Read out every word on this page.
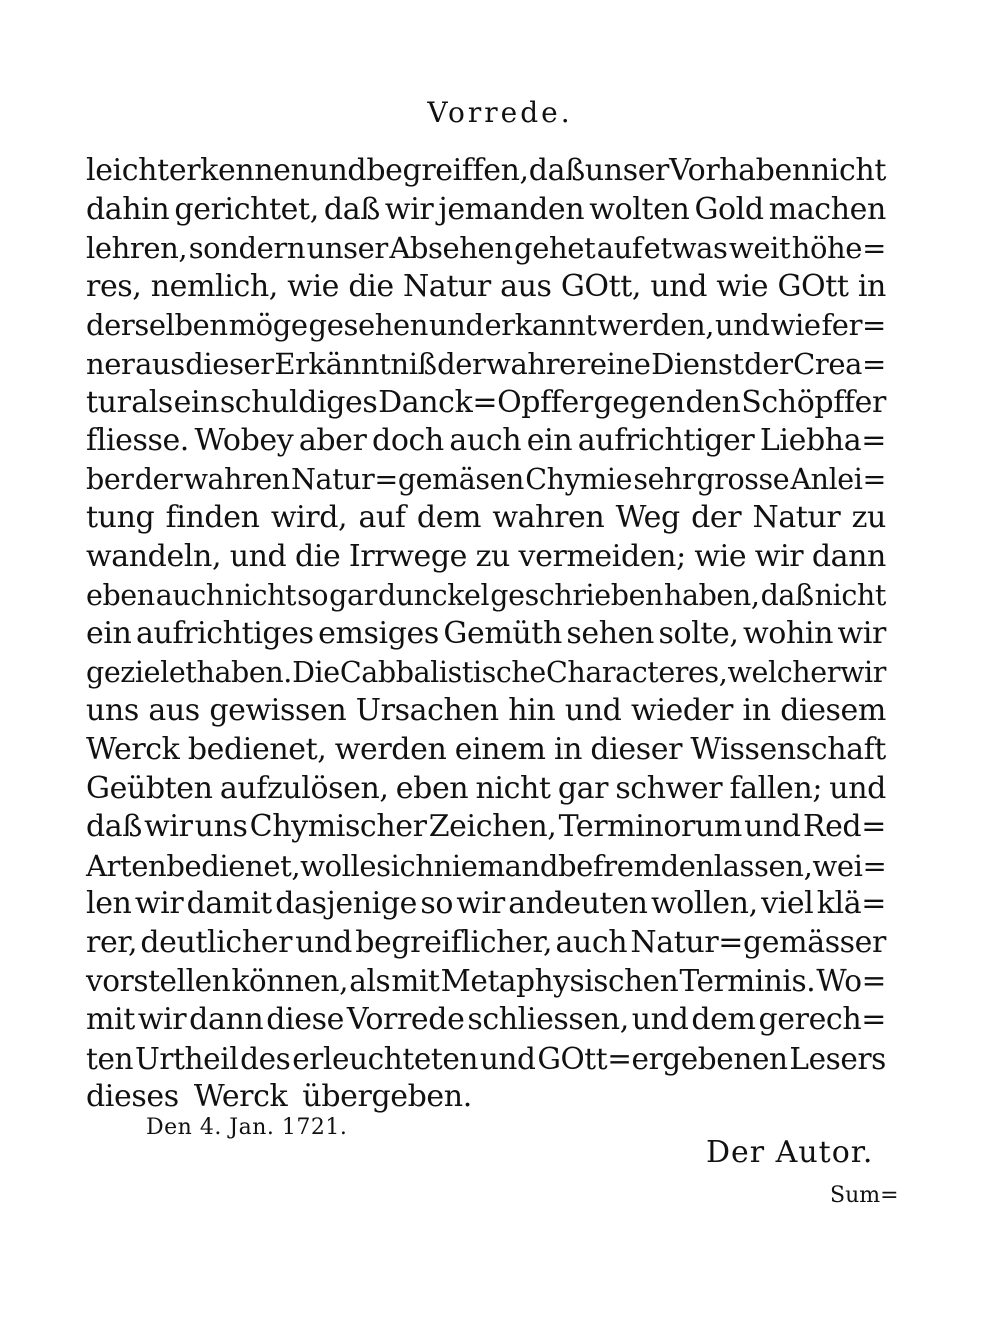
Vorrede.
leicht erkennen und begreiffen, daß unser Vorhaben nicht
dahin gerichtet, daß wir jemanden wolten Gold machen
lehren, sondern unser Absehen gehet auf etwas weit höhe=
res, nemlich, wie die Natur aus GOtt, und wie GOtt in
derselben möge gesehen und erkannt werden, und wie fer=
ner aus dieser Erkänntniß der wahre reine Dienst der Crea=
tur als ein schuldiges Danck=Opffer gegen den Schöpffer
fliesse. Wobey aber doch auch ein aufrichtiger Liebha=
ber der wahren Natur=gemäsen Chymie sehr grosse Anlei=
tung finden wird, auf dem wahren Weg der Natur zu
wandeln, und die Irrwege zu vermeiden; wie wir dann
eben auch nicht so gar dunckel geschrieben haben, daß nicht
ein aufrichtiges emsiges Gemüth sehen solte, wohin wir
gezielet haben. Die Cabbalistische Characteres, welcher wir
uns aus gewissen Ursachen hin und wieder in diesem
Werck bedienet, werden einem in dieser Wissenschaft
Geübten aufzulösen, eben nicht gar schwer fallen; und
daß wir uns Chymischer Zeichen, Terminorum und Red=
Arten bedienet, wolle sich niemand befremden lassen, wei=
len wir damit dasjenige so wir andeuten wollen, viel klä=
rer, deutlicher und begreiflicher, auch Natur=gemässer
vorstellen können, als mit Metaphysischen Terminis. Wo=
mit wir dann diese Vorrede schliessen, und dem gerech=
ten Urtheil des erleuchteten und GOtt=ergebenen Lesers
dieses Werck übergeben.
Den 4. Jan. 1721.
Der Autor.
Sum=
